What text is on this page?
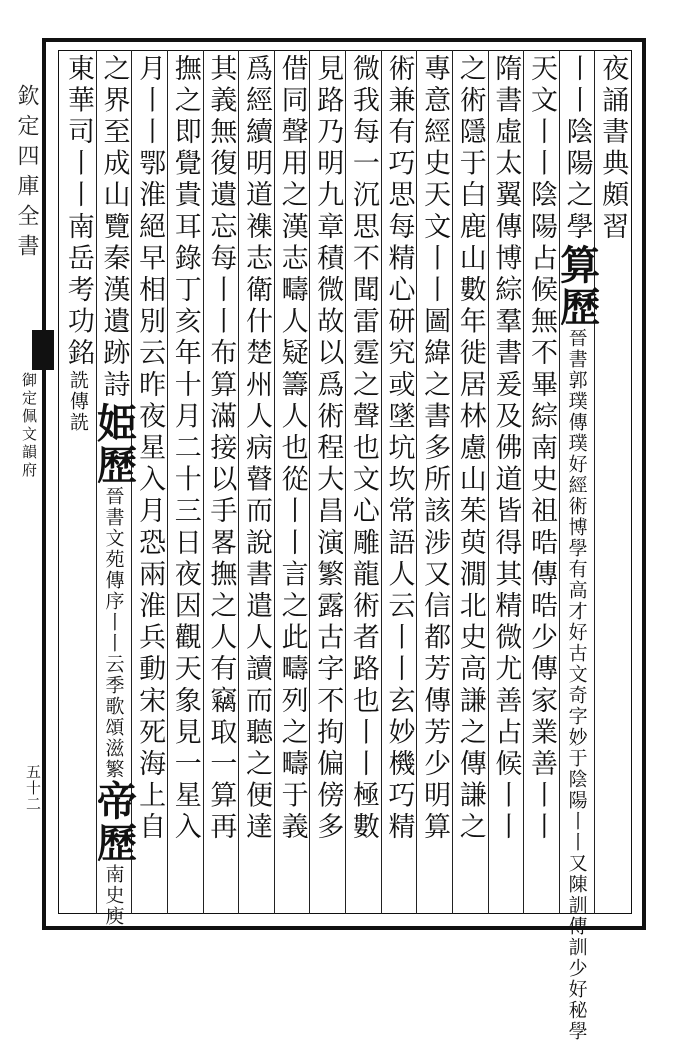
欽定四庫全書
御定佩文韻府
五十二
夜誦書典頗習
丨丨陰陽之學算歷晉書郭璞傳璞好經術博學有高才好古文奇字妙于陰陽丨丨又陳訓傳訓少好秘學
天文丨丨陰陽占候無不畢綜南史祖晧傳晧少傳家業善丨丨
隋書虛太翼傳博綜羣書爰及佛道皆得其精微尤善占候丨丨
之術隱于白鹿山數年徙居林慮山茱萸㵎北史高謙之傳謙之
專意經史天文丨丨圖緯之書多所該涉又信都芳傳芳少明算
術兼有巧思每精心研究或墜坑坎常語人云丨丨玄妙機巧精
微我每一沉思不聞雷霆之聲也文心雕龍術者路也丨丨極數
見路乃明九章積微故以爲術程大昌演繁露古字不拘偏傍多
借同聲用之漢志疇人疑籌人也從丨丨言之此疇列之疇于義
爲經續明道襍志衛什楚州人病瞽而說書遣人讀而聽之便達
其義無復遺忘每丨丨布算滿接以手畧撫之人有竊取一算再
撫之即覺貴耳錄丁亥年十月二十三日夜因觀天象見一星入
月丨丨鄂淮絕早相別云昨夜星入月恐兩淮兵動宋死海上自
之界至成山覽秦漢遺跡詩姫歷晉書文苑傳序丨丨云季歌頌滋繁帝歷南史庾
東華司丨丨南岳考功銘詵傳詵
